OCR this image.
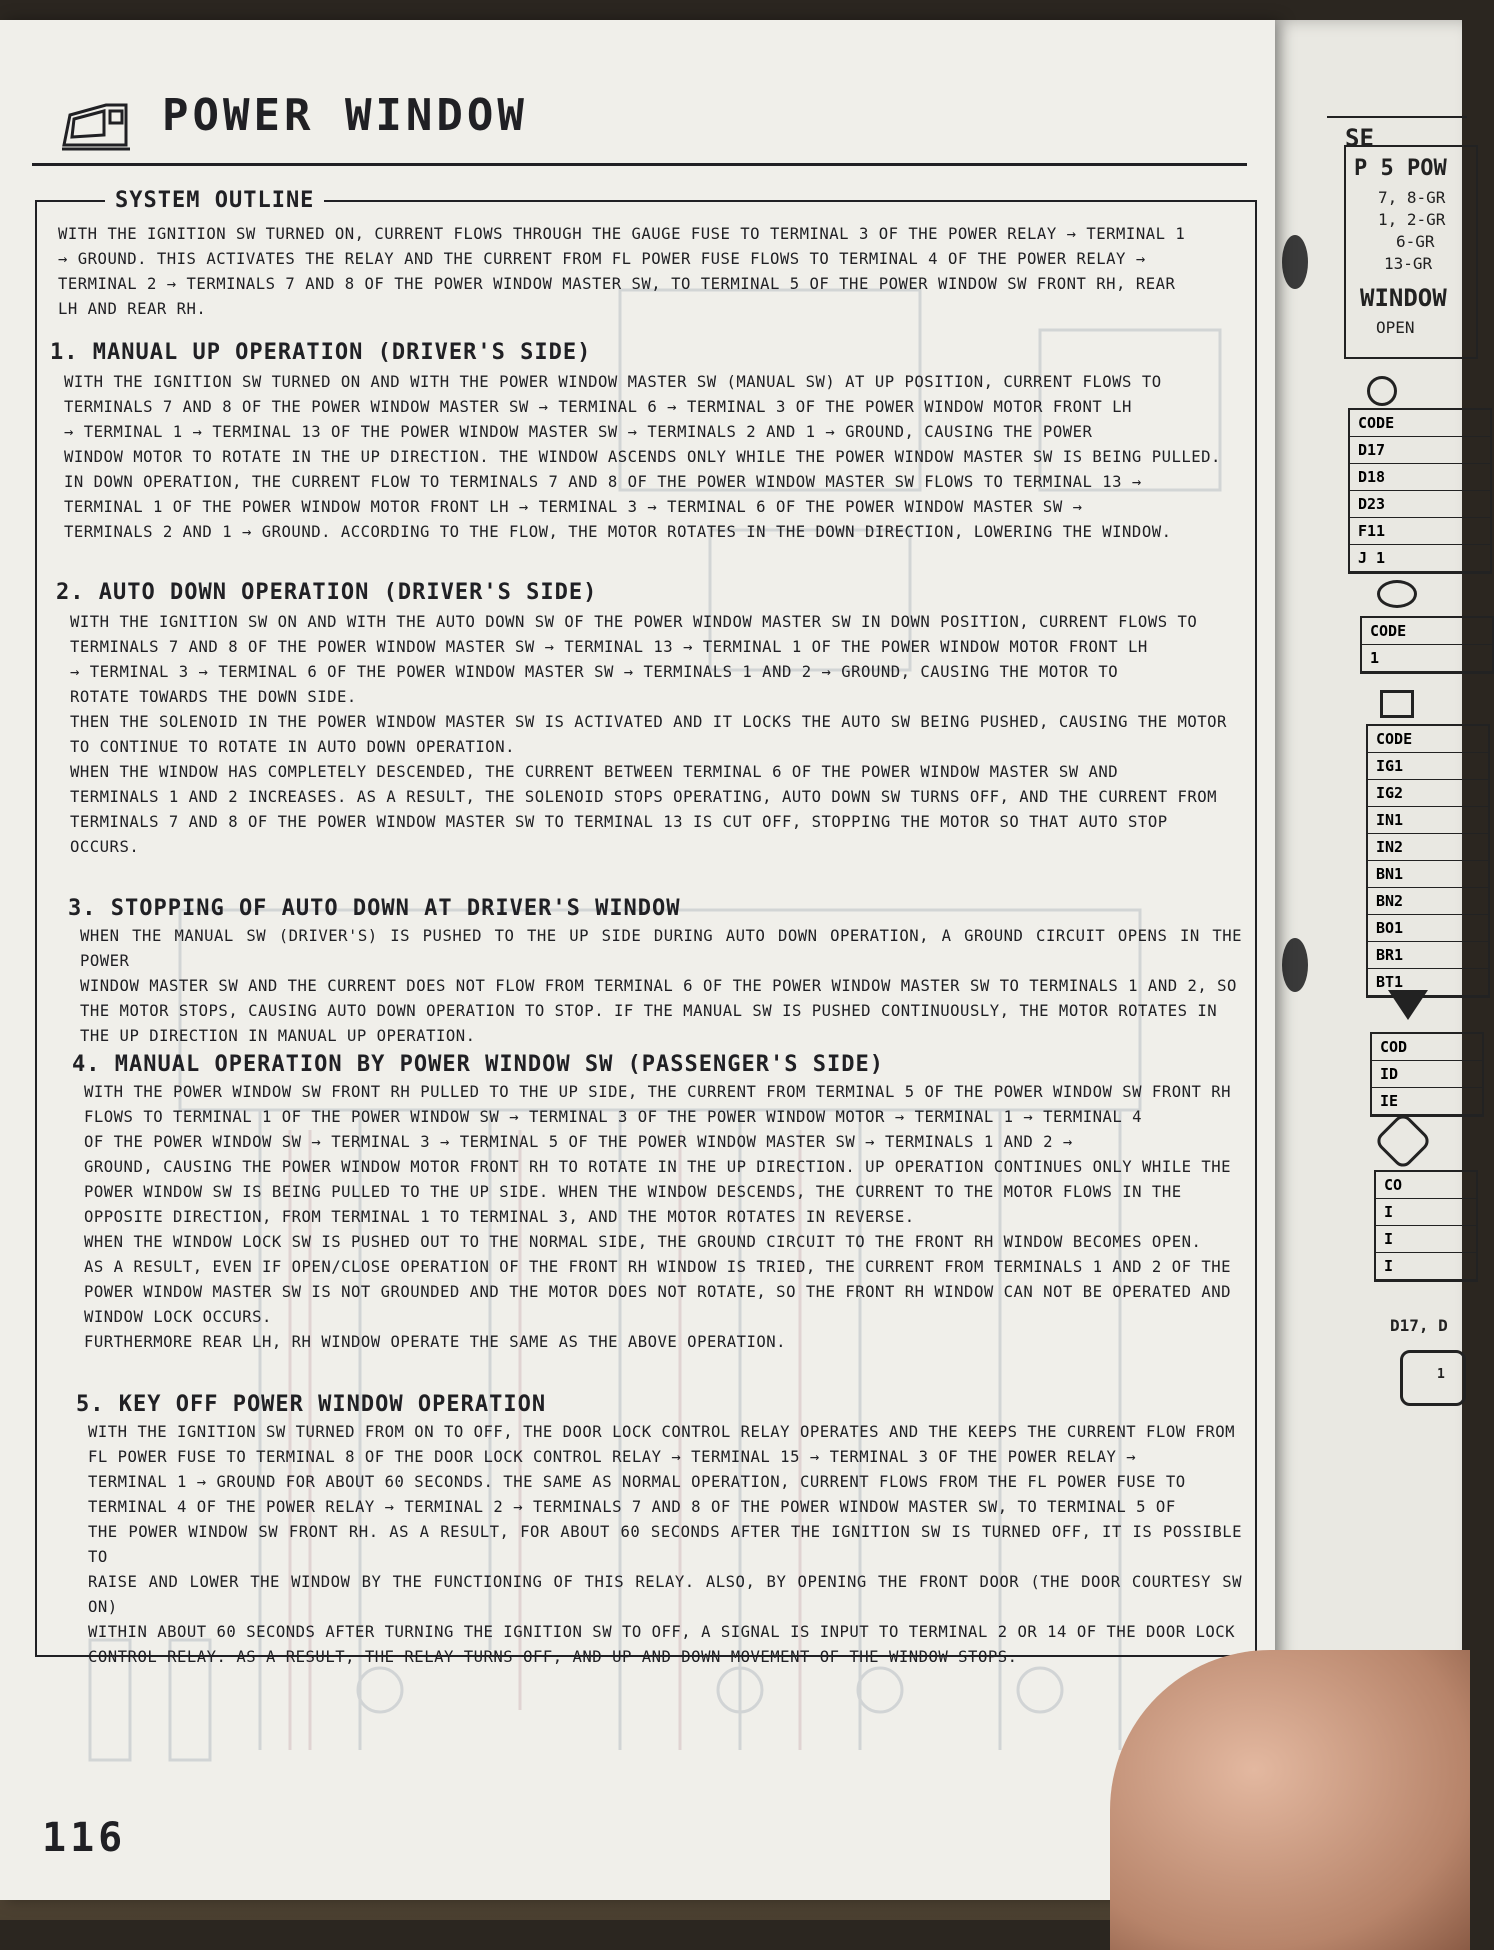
SE
P 5 POW
7, 8-GR
1, 2-GR
6-GR
13-GR
WINDOW
OPEN
CODE
D17
D18
D23
F11
J 1
CODE
1
CODE
IG1
IG2
IN1
IN2
BN1
BN2
BO1
BR1
BT1
COD
ID
IE
CO
I
I
I
D17, D
1
POWER WINDOW
SYSTEM OUTLINE

WITH THE IGNITION SW TURNED ON, CURRENT FLOWS THROUGH THE GAUGE FUSE TO TERMINAL 3 OF THE POWER RELAY → TERMINAL 1

→ GROUND. THIS ACTIVATES THE RELAY AND THE CURRENT FROM FL POWER FUSE FLOWS TO TERMINAL 4 OF THE POWER RELAY →

TERMINAL 2 → TERMINALS 7 AND 8 OF THE POWER WINDOW MASTER SW, TO TERMINAL 5 OF THE POWER WINDOW SW FRONT RH, REAR

LH AND REAR RH.

1. MANUAL UP OPERATION (DRIVER'S SIDE)

WITH THE IGNITION SW TURNED ON AND WITH THE POWER WINDOW MASTER SW (MANUAL SW) AT UP POSITION, CURRENT FLOWS TO

TERMINALS 7 AND 8 OF THE POWER WINDOW MASTER SW → TERMINAL 6 → TERMINAL 3 OF THE POWER WINDOW MOTOR FRONT LH

→ TERMINAL 1 → TERMINAL 13 OF THE POWER WINDOW MASTER SW → TERMINALS 2 AND 1 → GROUND, CAUSING THE POWER

WINDOW MOTOR TO ROTATE IN THE UP DIRECTION. THE WINDOW ASCENDS ONLY WHILE THE POWER WINDOW MASTER SW IS BEING PULLED.

IN DOWN OPERATION, THE CURRENT FLOW TO TERMINALS 7 AND 8 OF THE POWER WINDOW MASTER SW FLOWS TO TERMINAL 13 →

TERMINAL 1 OF THE POWER WINDOW MOTOR FRONT LH → TERMINAL 3 → TERMINAL 6 OF THE POWER WINDOW MASTER SW →

TERMINALS 2 AND 1 → GROUND. ACCORDING TO THE FLOW, THE MOTOR ROTATES IN THE DOWN DIRECTION, LOWERING THE WINDOW.

2. AUTO DOWN OPERATION (DRIVER'S SIDE)

WITH THE IGNITION SW ON AND WITH THE AUTO DOWN SW OF THE POWER WINDOW MASTER SW IN DOWN POSITION, CURRENT FLOWS TO

TERMINALS 7 AND 8 OF THE POWER WINDOW MASTER SW → TERMINAL 13 → TERMINAL 1 OF THE POWER WINDOW MOTOR FRONT LH

→ TERMINAL 3 → TERMINAL 6 OF THE POWER WINDOW MASTER SW → TERMINALS 1 AND 2 → GROUND, CAUSING THE MOTOR TO

ROTATE TOWARDS THE DOWN SIDE.

THEN THE SOLENOID IN THE POWER WINDOW MASTER SW IS ACTIVATED AND IT LOCKS THE AUTO SW BEING PUSHED, CAUSING THE MOTOR

TO CONTINUE TO ROTATE IN AUTO DOWN OPERATION.

WHEN THE WINDOW HAS COMPLETELY DESCENDED, THE CURRENT BETWEEN TERMINAL 6 OF THE POWER WINDOW MASTER SW AND

TERMINALS 1 AND 2 INCREASES. AS A RESULT, THE SOLENOID STOPS OPERATING, AUTO DOWN SW TURNS OFF, AND THE CURRENT FROM

TERMINALS 7 AND 8 OF THE POWER WINDOW MASTER SW TO TERMINAL 13 IS CUT OFF, STOPPING THE MOTOR SO THAT AUTO STOP

OCCURS.

3. STOPPING OF AUTO DOWN AT DRIVER'S WINDOW

WHEN THE MANUAL SW (DRIVER'S) IS PUSHED TO THE UP SIDE DURING AUTO DOWN OPERATION, A GROUND CIRCUIT OPENS IN THE POWER

WINDOW MASTER SW AND THE CURRENT DOES NOT FLOW FROM TERMINAL 6 OF THE POWER WINDOW MASTER SW TO TERMINALS 1 AND 2, SO

THE MOTOR STOPS, CAUSING AUTO DOWN OPERATION TO STOP. IF THE MANUAL SW IS PUSHED CONTINUOUSLY, THE MOTOR ROTATES IN

THE UP DIRECTION IN MANUAL UP OPERATION.

4. MANUAL OPERATION BY POWER WINDOW SW (PASSENGER'S SIDE)

WITH THE POWER WINDOW SW FRONT RH PULLED TO THE UP SIDE, THE CURRENT FROM TERMINAL 5 OF THE POWER WINDOW SW FRONT RH

FLOWS TO TERMINAL 1 OF THE POWER WINDOW SW → TERMINAL 3 OF THE POWER WINDOW MOTOR → TERMINAL 1 → TERMINAL 4

OF THE POWER WINDOW SW → TERMINAL 3 → TERMINAL 5 OF THE POWER WINDOW MASTER SW → TERMINALS 1 AND 2 →

GROUND, CAUSING THE POWER WINDOW MOTOR FRONT RH TO ROTATE IN THE UP DIRECTION. UP OPERATION CONTINUES ONLY WHILE THE

POWER WINDOW SW IS BEING PULLED TO THE UP SIDE. WHEN THE WINDOW DESCENDS, THE CURRENT TO THE MOTOR FLOWS IN THE

OPPOSITE DIRECTION, FROM TERMINAL 1 TO TERMINAL 3, AND THE MOTOR ROTATES IN REVERSE.

WHEN THE WINDOW LOCK SW IS PUSHED OUT TO THE NORMAL SIDE, THE GROUND CIRCUIT TO THE FRONT RH WINDOW BECOMES OPEN.

AS A RESULT, EVEN IF OPEN/CLOSE OPERATION OF THE FRONT RH WINDOW IS TRIED, THE CURRENT FROM TERMINALS 1 AND 2 OF THE

POWER WINDOW MASTER SW IS NOT GROUNDED AND THE MOTOR DOES NOT ROTATE, SO THE FRONT RH WINDOW CAN NOT BE OPERATED AND

WINDOW LOCK OCCURS.

FURTHERMORE REAR LH, RH WINDOW OPERATE THE SAME AS THE ABOVE OPERATION.

5. KEY OFF POWER WINDOW OPERATION

WITH THE IGNITION SW TURNED FROM ON TO OFF, THE DOOR LOCK CONTROL RELAY OPERATES AND THE KEEPS THE CURRENT FLOW FROM

FL POWER FUSE TO TERMINAL 8 OF THE DOOR LOCK CONTROL RELAY → TERMINAL 15 → TERMINAL 3 OF THE POWER RELAY →

TERMINAL 1 → GROUND FOR ABOUT 60 SECONDS. THE SAME AS NORMAL OPERATION, CURRENT FLOWS FROM THE FL POWER FUSE TO

TERMINAL 4 OF THE POWER RELAY → TERMINAL 2 → TERMINALS 7 AND 8 OF THE POWER WINDOW MASTER SW, TO TERMINAL 5 OF

THE POWER WINDOW SW FRONT RH. AS A RESULT, FOR ABOUT 60 SECONDS AFTER THE IGNITION SW IS TURNED OFF, IT IS POSSIBLE TO

RAISE AND LOWER THE WINDOW BY THE FUNCTIONING OF THIS RELAY. ALSO, BY OPENING THE FRONT DOOR (THE DOOR COURTESY SW ON)

WITHIN ABOUT 60 SECONDS AFTER TURNING THE IGNITION SW TO OFF, A SIGNAL IS INPUT TO TERMINAL 2 OR 14 OF THE DOOR LOCK

CONTROL RELAY. AS A RESULT, THE RELAY TURNS OFF, AND UP AND DOWN MOVEMENT OF THE WINDOW STOPS.

116
